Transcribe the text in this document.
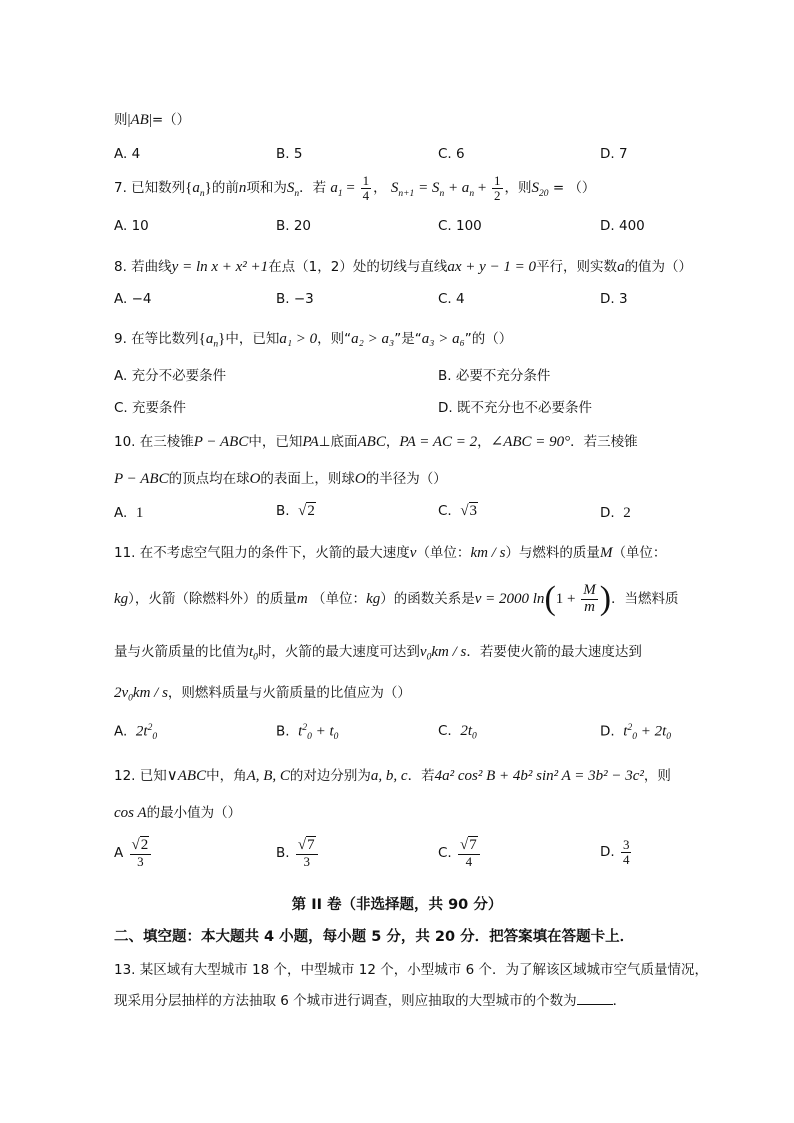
则|AB|=（）
A. 4	B. 5	C. 6	D. 7
7. 已知数列$\{a_n\}$的前n项和为$S_n$．若 $a_1 = \frac{1}{4}$ ， $S_{n+1} = S_n + a_n + \frac{1}{2}$ ，则$S_{20}$ = （）
A. 10	B. 20	C. 100	D. 400
8. 若曲线y = ln x + x² +1在点（1，2）处的切线与直线ax + y − 1 = 0平行，则实数a的值为（）
A. −4	B. −3	C. 4	D. 3
9. 在等比数列$\{a_n\}$中，已知a₁ > 0，则“a₂ > a₃”是“a₃ > a₆”的（）
A. 充分不必要条件	B. 必要不充分条件
C. 充要条件	D. 既不充分也不必要条件
10. 在三棱锥P − ABC中，已知PA⊥底面ABC，PA = AC = 2，∠ABC = 90°．若三棱锥
P − ABC的顶点均在球O的表面上，则球O的半径为（）
A.  1	B.  √2	C.  √3	D.  2
11. 在不考虑空气阻力的条件下，火箭的最大速度v（单位：km / s）与燃料的质量M（单位：
kg），火箭（除燃料外）的质量m （单位：kg）的函数关系是v = 2000 $\ln(1 + \frac{M}{m}$ )．当燃料质
量与火箭质量的比值为$t_0$时，火箭的最大速度可达到$v_0km$ / s．若要使火箭的最大速度达到
$2v_0km$ / s，则燃料质量与火箭质量的比值应为（）
A. $2t^2_0$	B. $t^2_0 + t_0$	C. $2t_0$	D. $t^2_0 + 2t_0$
12. 已知∨ABC中，角A, B, C的对边分别为a, b, c．若4a² cos² B + 4b² sin² A = 3b² − 3c²，则
cos A的最小值为（）
A $\frac{√2}{3}$	B. $\frac{√7}{3}$	C. $\frac{√7}{4}$	D. $\frac{3}{4}$
第 II 卷（非选择题，共 90 分）
二、填空题：本大题共 4 小题，每小题 5 分，共 20 分．把答案填在答题卡上．
13. 某区域有大型城市 18 个，中型城市 12 个，小型城市 6 个．为了解该区域城市空气质量情况，
现采用分层抽样的方法抽取 6 个城市进行调查，则应抽取的大型城市的个数为	．
